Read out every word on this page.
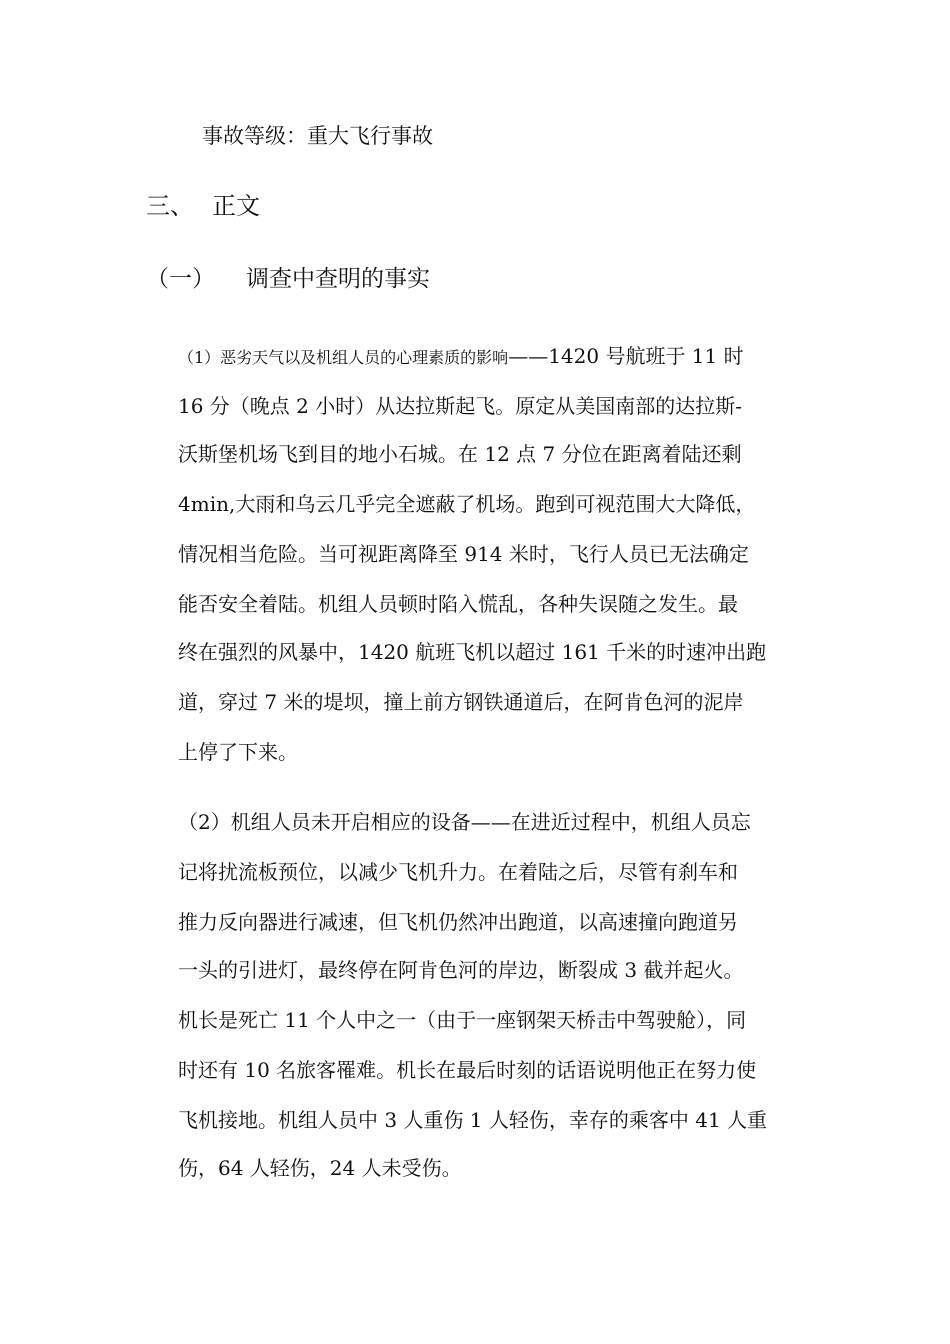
事故等级：重大飞行事故
三、 正文
（一） 调查中查明的事实
（1）恶劣天气以及机组人员的心理素质的影响——1420 号航班于 11 时
16 分（晚点 2 小时）从达拉斯起飞。原定从美国南部的达拉斯-
沃斯堡机场飞到目的地小石城。在 12 点 7 分位在距离着陆还剩
4min,大雨和乌云几乎完全遮蔽了机场。跑到可视范围大大降低，
情况相当危险。当可视距离降至 914 米时，飞行人员已无法确定
能否安全着陆。机组人员顿时陷入慌乱，各种失误随之发生。最
终在强烈的风暴中，1420 航班飞机以超过 161 千米的时速冲出跑
道，穿过 7 米的堤坝，撞上前方钢铁通道后，在阿肯色河的泥岸
上停了下来。
（2）机组人员未开启相应的设备——在进近过程中，机组人员忘
记将扰流板预位，以减少飞机升力。在着陆之后，尽管有刹车和
推力反向器进行减速，但飞机仍然冲出跑道，以高速撞向跑道另
一头的引进灯，最终停在阿肯色河的岸边，断裂成 3 截并起火。
机长是死亡 11 个人中之一（由于一座钢架天桥击中驾驶舱），同
时还有 10 名旅客罹难。机长在最后时刻的话语说明他正在努力使
飞机接地。机组人员中 3 人重伤 1 人轻伤，幸存的乘客中 41 人重
伤，64 人轻伤，24 人未受伤。
